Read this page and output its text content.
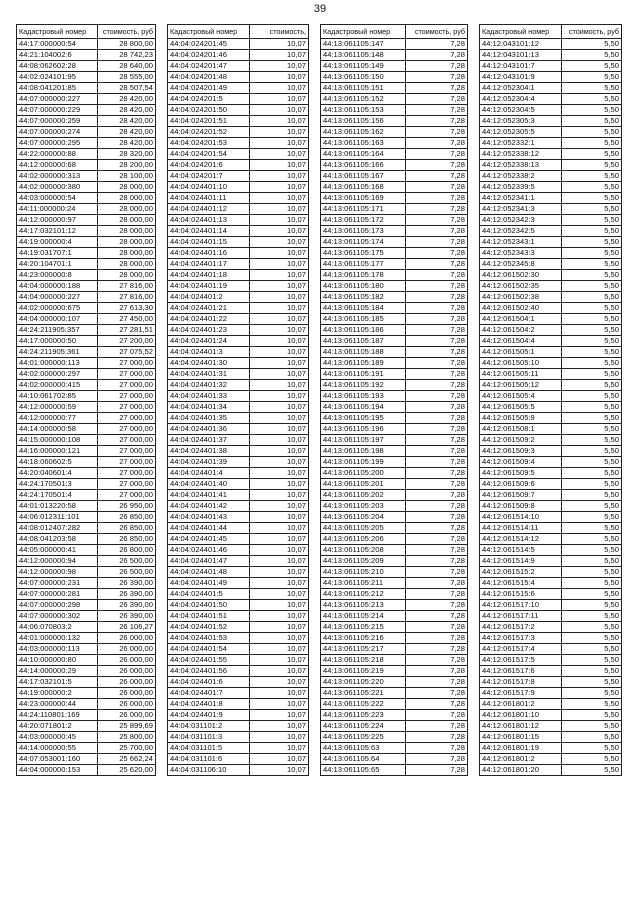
39
Кадастровый номер	стоимость, руб
44:17:000000:54	28 800,00
44:21:104002:6	28 742,23
44:08:062602:28	28 640,00
44:02:024101:95	28 555,00
44:08:041201:85	28 507,54
44:07:000000:227	28 420,00
44:07:000000:229	28 420,00
44:07:000000:259	28 420,00
44:07:000000:274	28 420,00
44:07:000000:295	28 420,00
44:22:000000:88	28 320,00
44:12:000000:68	28 200,00
44:02:000000:313	28 100,00
44:02:000000:380	28 000,00
44:03:000000:54	28 000,00
44:11:000000:24	28 000,00
44:12:000000:97	28 000,00
44:17:032101:12	28 000,00
44:19:000000:4	28 000,00
44:19:031707:1	28 000,00
44:20:104701:1	28 000,00
44:23:000000:8	28 000,00
44:04:000000:188	27 816,00
44:04:000000:227	27 816,00
44:02:000000:675	27 613,30
44:04:000000:107	27 450,00
44:24:211905:357	27 281,51
44:17:000000:50	27 200,00
44:24:211905:361	27 075,52
44:01:000000:113	27 000,00
44:02:000000:297	27 000,00
44:02:000000:415	27 000,00
44:10:061702:85	27 000,00
44:12:000000:59	27 000,00
44:12:000000:77	27 000,00
44:14:000000:58	27 000,00
44:15:000000:108	27 000,00
44:16:000000:121	27 000,00
44:18:060602:5	27 000,00
44:20:040601:4	27 000,00
44:24:170501:3	27 000,00
44:24:170501:4	27 000,00
44:01:013220:58	26 950,00
44:06:012311:101	26 850,00
44:08:012407:282	26 850,00
44:08:041203:58	26 850,00
44:05:000000:41	26 800,00
44:12:000000:94	26 500,00
44:12:000000:98	26 500,00
44:07:000000:231	26 390,00
44:07:000000:281	26 390,00
44:07:000000:298	26 390,00
44:07:000000:302	26 390,00
44:06:070803:2	26 106,27
44:01:000000:132	26 000,00
44:03:000000:113	26 000,00
44:10:000000:80	26 000,00
44:14:000000:29	26 000,00
44:17:032101:5	26 000,00
44:19:000000:2	26 000,00
44:23:000000:44	26 000,00
44:24:110801:169	26 000,00
44:20:071801:2	25 899,69
44:03:000000:45	25 800,00
44:14:000000:55	25 700,00
44:07:053001:160	25 662,24
44:04:000000:153	25 620,00
Кадастровый номер	стоимость,
44:04:024201:45	10,07
44:04:024201:46	10,07
44:04:024201:47	10,07
44:04:024201:48	10,07
44:04:024201:49	10,07
44:04:024201:5	10,07
44:04:024201:50	10,07
44:04:024201:51	10,07
44:04:024201:52	10,07
44:04:024201:53	10,07
44:04:024201:54	10,07
44:04:024201:6	10,07
44:04:024201:7	10,07
44:04:024401:10	10,07
44:04:024401:11	10,07
44:04:024401:12	10,07
44:04:024401:13	10,07
44:04:024401:14	10,07
44:04:024401:15	10,07
44:04:024401:16	10,07
44:04:024401:17	10,07
44:04:024401:18	10,07
44:04:024401:19	10,07
44:04:024401:2	10,07
44:04:024401:21	10,07
44:04:024401:22	10,07
44:04:024401:23	10,07
44:04:024401:24	10,07
44:04:024401:3	10,07
44:04:024401:30	10,07
44:04:024401:31	10,07
44:04:024401:32	10,07
44:04:024401:33	10,07
44:04:024401:34	10,07
44:04:024401:35	10,07
44:04:024401:36	10,07
44:04:024401:37	10,07
44:04:024401:38	10,07
44:04:024401:39	10,07
44:04:024401:4	10,07
44:04:024401:40	10,07
44:04:024401:41	10,07
44:04:024401:42	10,07
44:04:024401:43	10,07
44:04:024401:44	10,07
44:04:024401:45	10,07
44:04:024401:46	10,07
44:04:024401:47	10,07
44:04:024401:48	10,07
44:04:024401:49	10,07
44:04:024401:5	10,07
44:04:024401:50	10,07
44:04:024401:51	10,07
44:04:024401:52	10,07
44:04:024401:53	10,07
44:04:024401:54	10,07
44:04:024401:55	10,07
44:04:024401:56	10,07
44:04:024401:6	10,07
44:04:024401:7	10,07
44:04:024401:8	10,07
44:04:024401:9	10,07
44:04:031101:2	10,07
44:04:031101:3	10,07
44:04:031101:5	10,07
44:04:031101:6	10,07
44:04:031106:10	10,07
Кадастровый номер	стоимость, руб
44:13:061105:147	7,28
44:13:061105:148	7,28
44:13:061105:149	7,28
44:13:061105:150	7,28
44:13:061105:151	7,28
44:13:061105:152	7,28
44:13:061105:153	7,28
44:13:061105:156	7,28
44:13:061105:162	7,28
44:13:061105:163	7,28
44:13:061105:164	7,28
44:13:061105:166	7,28
44:13:061105:167	7,28
44:13:061105:168	7,28
44:13:061105:169	7,28
44:13:061105:171	7,28
44:13:061105:172	7,28
44:13:061105:173	7,28
44:13:061105:174	7,28
44:13:061105:175	7,28
44:13:061105:177	7,28
44:13:061105:178	7,28
44:13:061105:180	7,28
44:13:061105:182	7,28
44:13:061105:184	7,28
44:13:061105:185	7,28
44:13:061105:186	7,28
44:13:061105:187	7,28
44:13:061105:188	7,28
44:13:061105:189	7,28
44:13:061105:191	7,28
44:13:061105:192	7,28
44:13:061105:193	7,28
44:13:061105:194	7,28
44:13:061105:195	7,28
44:13:061105:196	7,28
44:13:061105:197	7,28
44:13:061105:198	7,28
44:13:061105:199	7,28
44:13:061105:200	7,28
44:13:061105:201	7,28
44:13:061105:202	7,28
44:13:061105:203	7,28
44:13:061105:204	7,28
44:13:061105:205	7,28
44:13:061105:206	7,28
44:13:061105:208	7,28
44:13:061105:209	7,28
44:13:061105:210	7,28
44:13:061105:211	7,28
44:13:061105:212	7,28
44:13:061105:213	7,28
44:13:061105:214	7,28
44:13:061105:215	7,28
44:13:061105:216	7,28
44:13:061105:217	7,28
44:13:061105:218	7,28
44:13:061105:219	7,28
44:13:061105:220	7,28
44:13:061105:221	7,28
44:13:061105:222	7,28
44:13:061105:223	7,28
44:13:061105:224	7,28
44:13:061105:225	7,28
44:13:061105:63	7,28
44:13:061105:64	7,28
44:13:061105:65	7,28
Кадастровый номер	стоимость, руб
44:12:043101:12	5,50
44:12:043101:13	5,50
44:12:043101:7	5,50
44:12:043101:9	5,50
44:12:052304:1	5,50
44:12:052304:4	5,50
44:12:052304:5	5,50
44:12:052305:3	5,50
44:12:052305:5	5,50
44:12:052332:1	5,50
44:12:052338:12	5,50
44:12:052338:13	5,50
44:12:052338:2	5,50
44:12:052339:5	5,50
44:12:052341:1	5,50
44:12:052341:3	5,50
44:12:052342:3	5,50
44:12:052342:5	5,50
44:12:052343:1	5,50
44:12:052343:3	5,50
44:12:052345:8	5,50
44:12:061502:30	5,50
44:12:061502:35	5,50
44:12:061502:38	5,50
44:12:061502:40	5,50
44:12:061504:1	5,50
44:12:061504:2	5,50
44:12:061504:4	5,50
44:12:061505:1	5,50
44:12:061505:10	5,50
44:12:061505:11	5,50
44:12:061505:12	5,50
44:12:061505:4	5,50
44:12:061505:5	5,50
44:12:061505:9	5,50
44:12:061508:1	5,50
44:12:061509:2	5,50
44:12:061509:3	5,50
44:12:061509:4	5,50
44:12:061509:5	5,50
44:12:061509:6	5,50
44:12:061509:7	5,50
44:12:061509:8	5,50
44:12:061514:10	5,50
44:12:061514:11	5,50
44:12:061514:12	5,50
44:12:061514:5	5,50
44:12:061514:9	5,50
44:12:061515:2	5,50
44:12:061515:4	5,50
44:12:061515:6	5,50
44:12:061517:10	5,50
44:12:061517:11	5,50
44:12:061517:2	5,50
44:12:061517:3	5,50
44:12:061517:4	5,50
44:12:061517:5	5,50
44:12:061517:6	5,50
44:12:061517:8	5,50
44:12:061517:9	5,50
44:12:061801:2	5,50
44:12:061801:10	5,50
44:12:061801:12	5,50
44:12:061801:15	5,50
44:12:061801:19	5,50
44:12:061801:2	5,50
44:12:061801:20	5,50
